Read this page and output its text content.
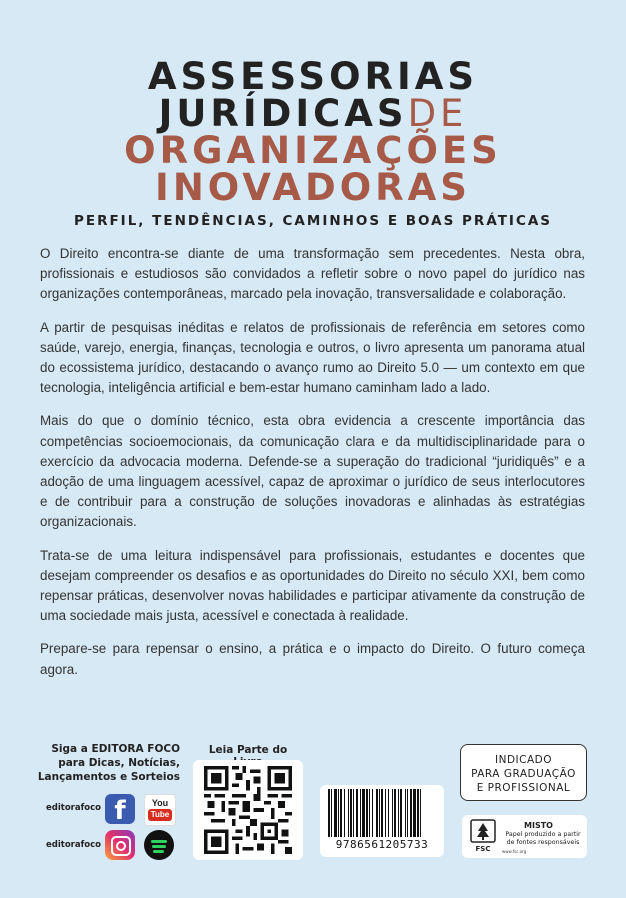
ASSESSORIAS
JURÍDICASDE
ORGANIZAÇÕES
INOVADORAS
PERFIL, TENDÊNCIAS, CAMINHOS E BOAS PRÁTICAS

O Direito encontra-se diante de uma transformação sem precedentes. Nesta obra, profissionais e estudiosos são convidados a refletir sobre o novo papel do jurídico nas organizações contemporâneas, marcado pela inovação, transversalidade e colaboração.

A partir de pesquisas inéditas e relatos de profissionais de referência em setores como saúde, varejo, energia, finanças, tecnologia e outros, o livro apresenta um panorama atual do ecossistema jurídico, destacando o avanço rumo ao Direito 5.0 — um contexto em que tecnologia, inteligência artificial e bem-estar humano caminham lado a lado.

Mais do que o domínio técnico, esta obra evidencia a crescente importância das competências socioemocionais, da comunicação clara e da multidisciplinaridade para o exercício da advocacia moderna. Defende-se a superação do tradicional “juridiquês” e a adoção de uma linguagem acessível, capaz de aproximar o jurídico de seus interlocutores e de contribuir para a construção de soluções inovadoras e alinhadas às estratégias organizacionais.

Trata-se de uma leitura indispensável para profissionais, estudantes e docentes que desejam compreender os desafios e as oportunidades do Direito no século XXI, bem como repensar práticas, desenvolver novas habilidades e participar ativamente da construção de uma sociedade mais justa, acessível e conectada à realidade.

Prepare-se para repensar o ensino, a prática e o impacto do Direito. O futuro começa agora.

Siga a EDITORA FOCO
para Dicas, Notícias,
Lançamentos e Sorteios
editorafoco f	You
Tube
editorafoco
Leia Parte do
9786561205733
INDICADO
PARA GRADUAÇÃO
E PROFISSIONAL
FSC
MISTO
Papel produzido a partir de fontes responsáveis
www.fsc.org
